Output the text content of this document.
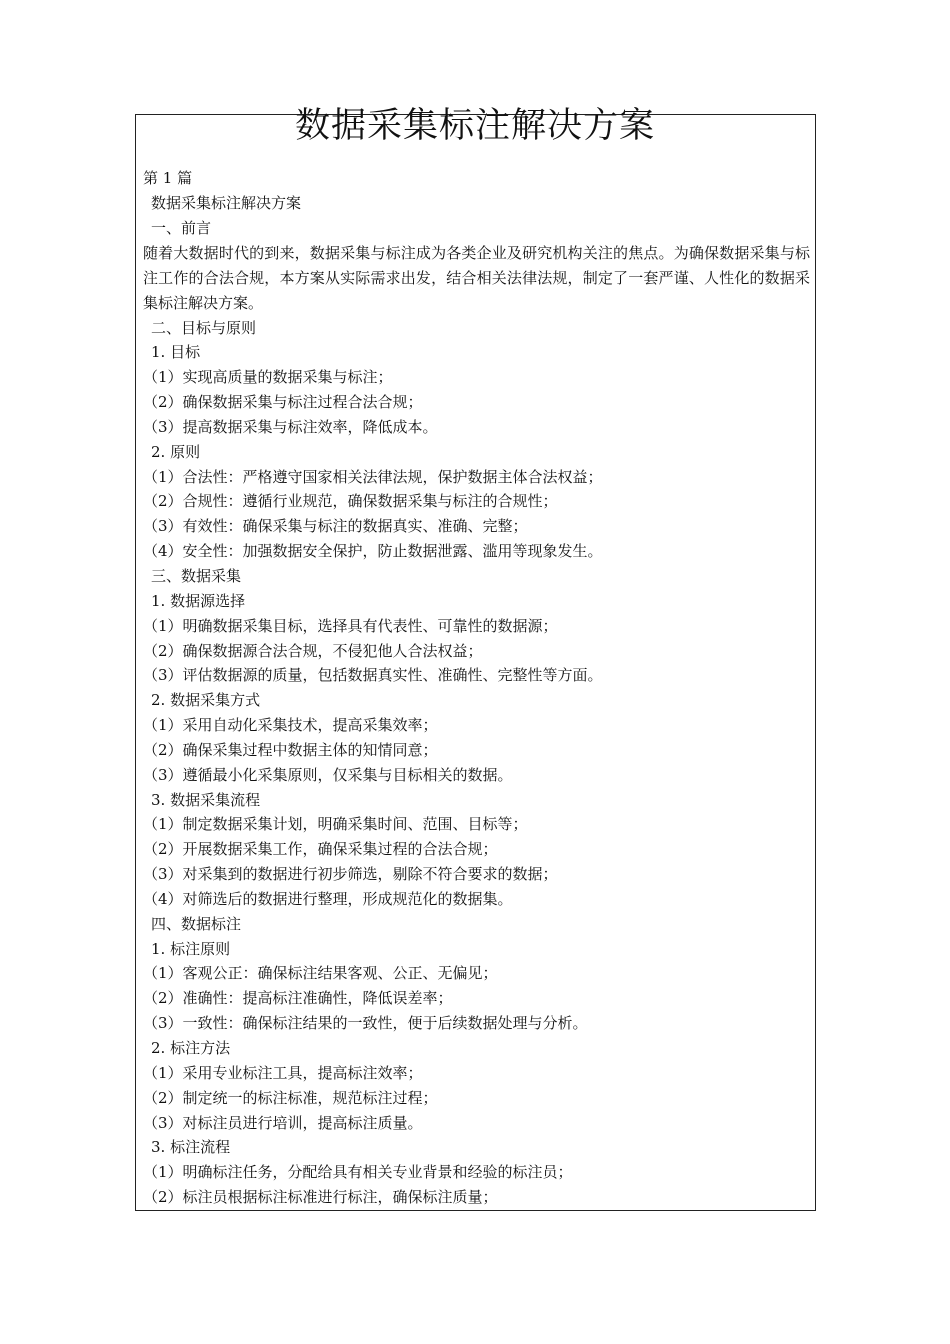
数据采集标注解决方案
第 1 篇
数据采集标注解决方案
一、前言
随着大数据时代的到来，数据采集与标注成为各类企业及研究机构关注的焦点。为确保数据采集与标注工作的合法合规，本方案从实际需求出发，结合相关法律法规，制定了一套严谨、人性化的数据采集标注解决方案。
二、目标与原则
1. 目标
（1）实现高质量的数据采集与标注；
（2）确保数据采集与标注过程合法合规；
（3）提高数据采集与标注效率，降低成本。
2. 原则
（1）合法性：严格遵守国家相关法律法规，保护数据主体合法权益；
（2）合规性：遵循行业规范，确保数据采集与标注的合规性；
（3）有效性：确保采集与标注的数据真实、准确、完整；
（4）安全性：加强数据安全保护，防止数据泄露、滥用等现象发生。
三、数据采集
1. 数据源选择
（1）明确数据采集目标，选择具有代表性、可靠性的数据源；
（2）确保数据源合法合规，不侵犯他人合法权益；
（3）评估数据源的质量，包括数据真实性、准确性、完整性等方面。
2. 数据采集方式
（1）采用自动化采集技术，提高采集效率；
（2）确保采集过程中数据主体的知情同意；
（3）遵循最小化采集原则，仅采集与目标相关的数据。
3. 数据采集流程
（1）制定数据采集计划，明确采集时间、范围、目标等；
（2）开展数据采集工作，确保采集过程的合法合规；
（3）对采集到的数据进行初步筛选，剔除不符合要求的数据；
（4）对筛选后的数据进行整理，形成规范化的数据集。
四、数据标注
1. 标注原则
（1）客观公正：确保标注结果客观、公正、无偏见；
（2）准确性：提高标注准确性，降低误差率；
（3）一致性：确保标注结果的一致性，便于后续数据处理与分析。
2. 标注方法
（1）采用专业标注工具，提高标注效率；
（2）制定统一的标注标准，规范标注过程；
（3）对标注员进行培训，提高标注质量。
3. 标注流程
（1）明确标注任务，分配给具有相关专业背景和经验的标注员；
（2）标注员根据标注标准进行标注，确保标注质量；
